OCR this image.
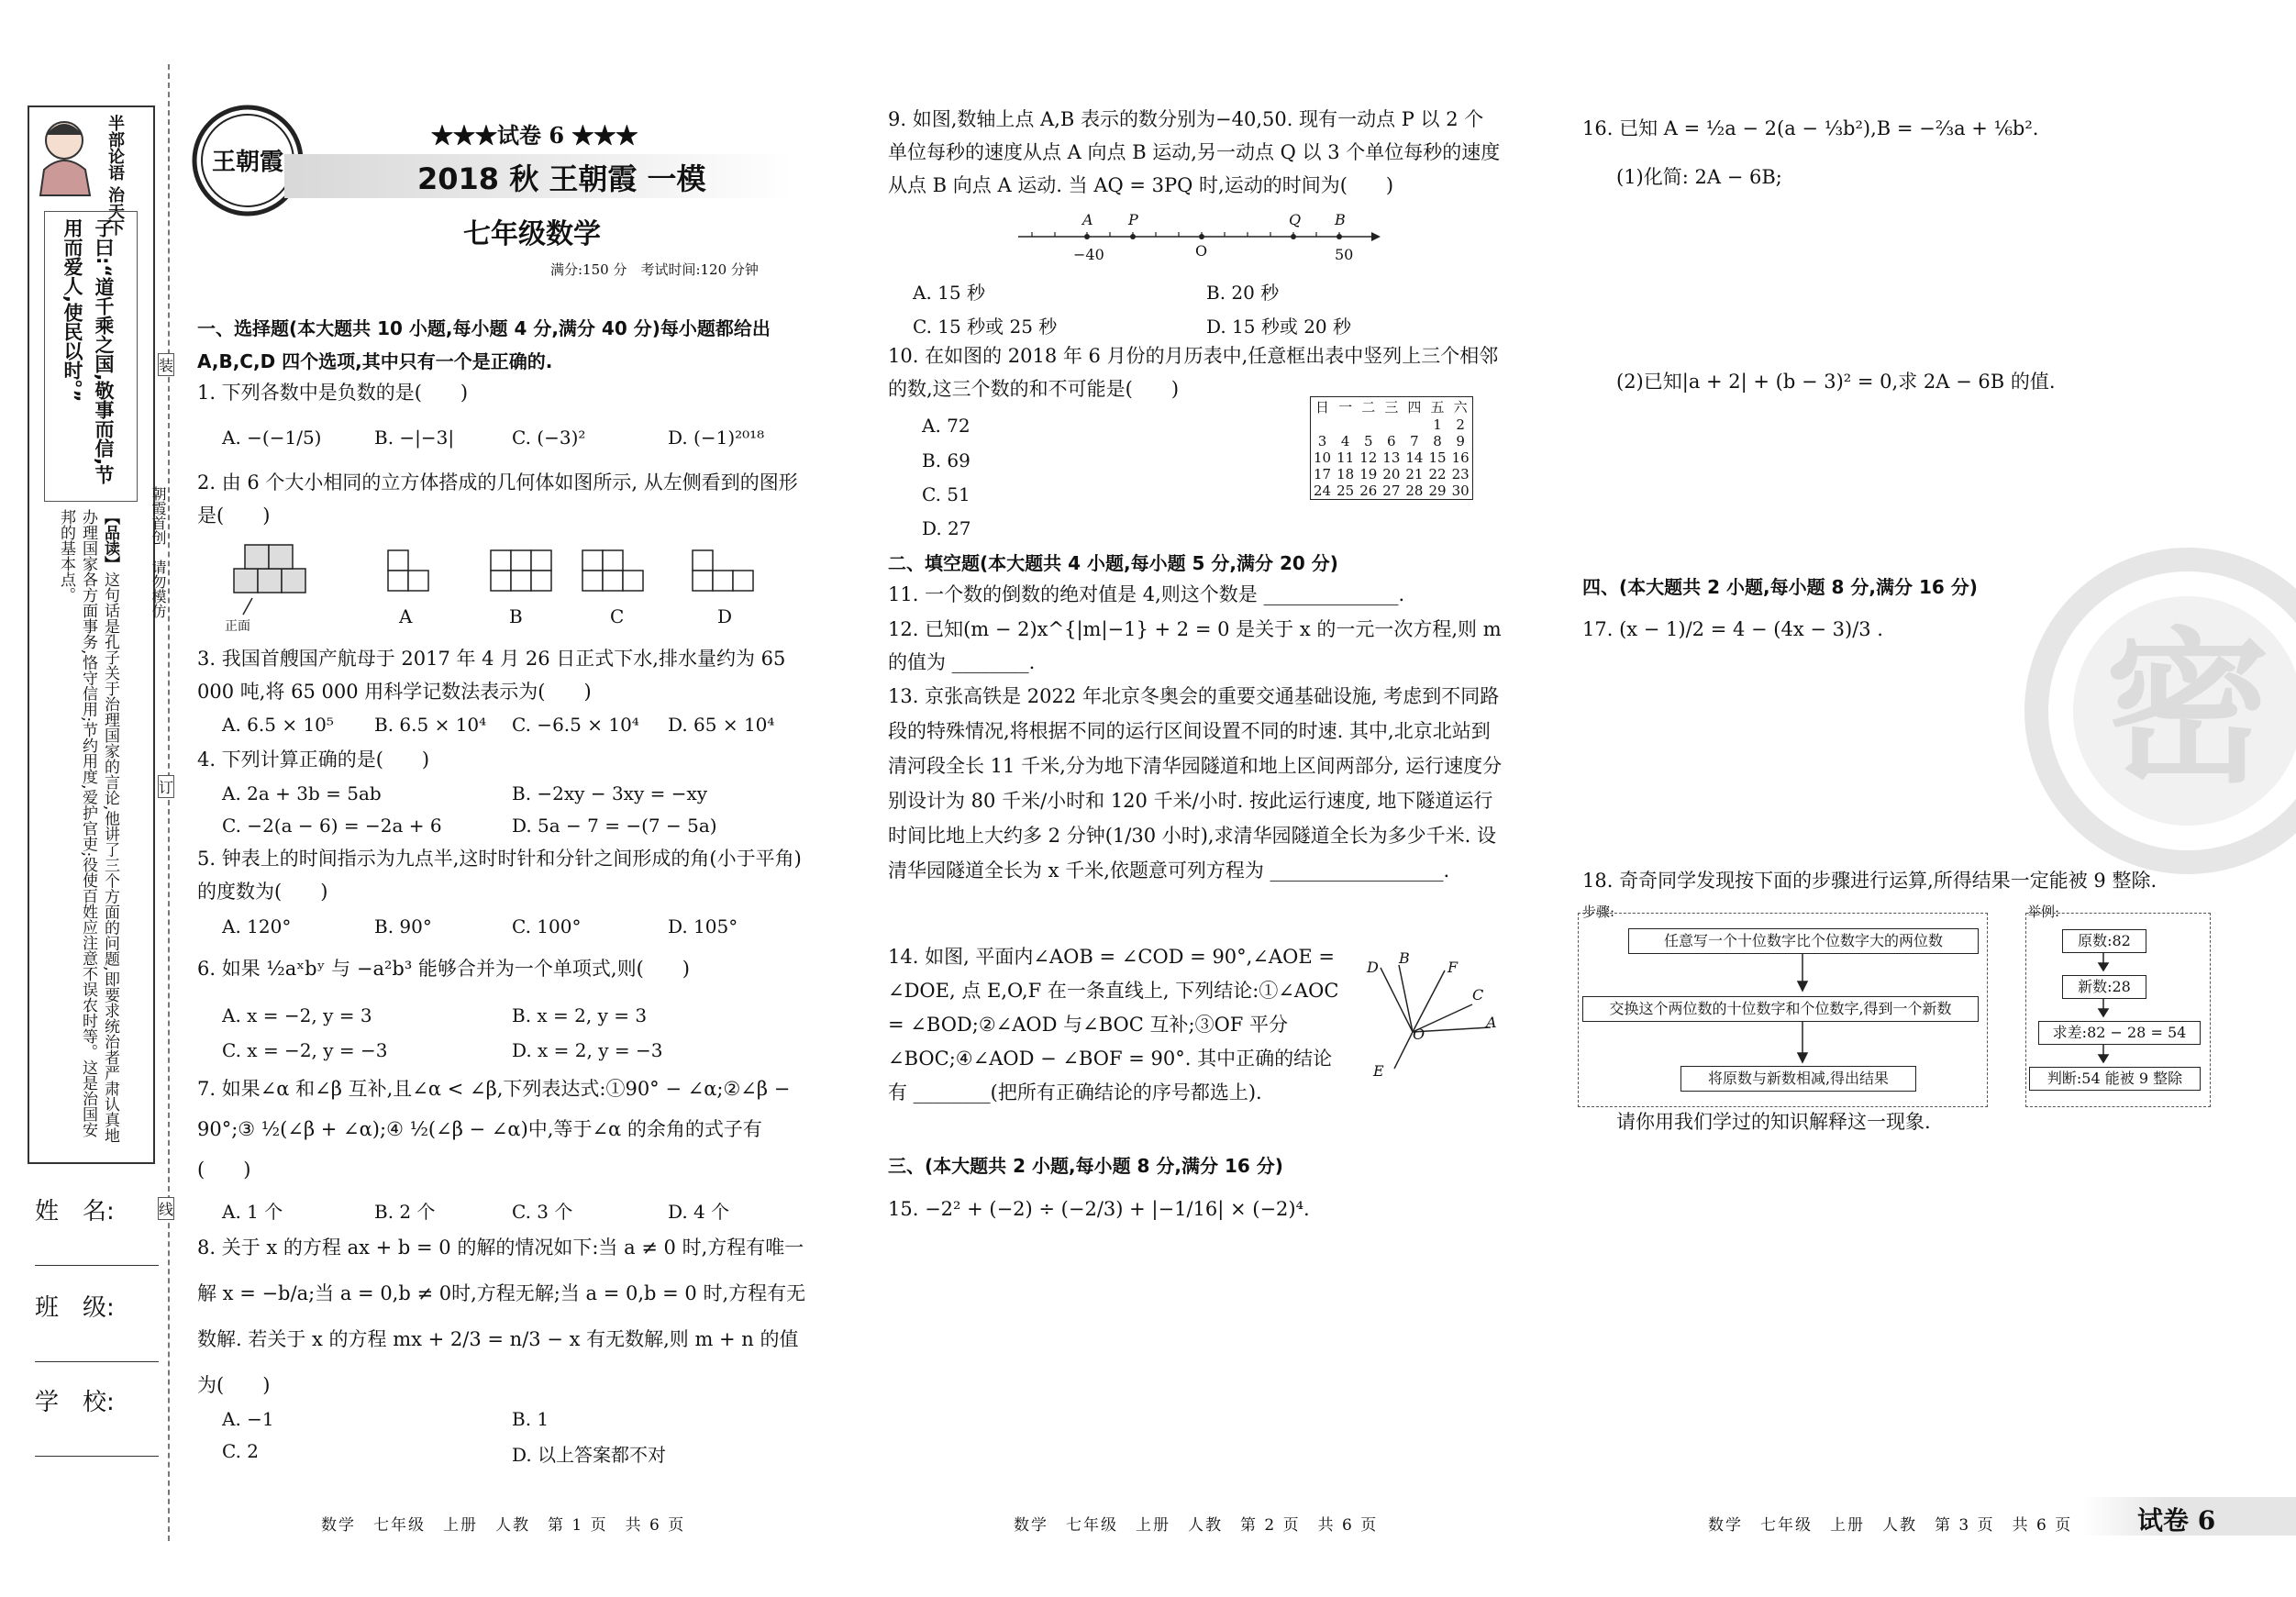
半部论语 治天下
子曰:“道千乘之国,敬事而信,节用而爱人,使民以时。”
【品读】这句话是孔子关于治理国家的言论,他讲了三个方面的问题,即要求统治者严肃认真地办理国家各方面事务,恪守信用;节约用度,爱护官吏;役使百姓应注意不误农时等。这是治国安邦的基本点。
姓　名:
班　级:
学　校:
装
订
线
朝霞首创　请勿模仿
王朝霞
★★★试卷 6 ★★★
2018 秋 王朝霞 一模
七年级数学
满分:150 分　考试时间:120 分钟
一、选择题(本大题共 10 小题,每小题 4 分,满分 40 分)每小题都给出 A,B,C,D 四个选项,其中只有一个是正确的.
1. 下列各数中是负数的是(　　)
A. −(−1/5)	B. −|−3|	C. (−3)²	D. (−1)²⁰¹⁸
2. 由 6 个大小相同的立方体搭成的几何体如图所示, 从左侧看到的图形是(　　)
正面	A	B	C	D
3. 我国首艘国产航母于 2017 年 4 月 26 日正式下水,排水量约为 65 000 吨,将 65 000 用科学记数法表示为(　　)
A. 6.5 × 10⁵ B. 6.5 × 10⁴ C. −6.5 × 10⁴ D. 65 × 10⁴
4. 下列计算正确的是(　　)
A. 2a + 3b = 5ab	B. −2xy − 3xy = −xy
C. −2(a − 6) = −2a + 6	D. 5a − 7 = −(7 − 5a)
5. 钟表上的时间指示为九点半,这时时针和分针之间形成的角(小于平角)的度数为(　　)
A. 120°	B. 90°	C. 100°	D. 105°
6. 如果 ½aˣbʸ 与 −a²b³ 能够合并为一个单项式,则(　　)
A. x = −2, y = 3	B. x = 2, y = 3
C. x = −2, y = −3	D. x = 2, y = −3
7. 如果∠α 和∠β 互补,且∠α < ∠β,下列表达式:①90° − ∠α;②∠β − 90°;③ ½(∠β + ∠α);④ ½(∠β − ∠α)中,等于∠α 的余角的式子有(　　)
A. 1 个	B. 2 个	C. 3 个	D. 4 个
8. 关于 x 的方程 ax + b = 0 的解的情况如下:当 a ≠ 0 时,方程有唯一解 x = −b/a;当 a = 0,b ≠ 0时,方程无解;当 a = 0,b = 0 时,方程有无数解. 若关于 x 的方程 mx + 2/3 = n/3 − x 有无数解,则 m + n 的值为(　　)
A. −1	B. 1
C. 2	D. 以上答案都不对
9. 如图,数轴上点 A,B 表示的数分别为−40,50. 现有一动点 P 以 2 个单位每秒的速度从点 A 向点 B 运动,另一动点 Q 以 3 个单位每秒的速度从点 B 向点 A 运动. 当 AQ = 3PQ 时,运动的时间为(　　)
A P
O
Q B
−40	50
A. 15 秒	B. 20 秒
C. 15 秒或 25 秒	D. 15 秒或 20 秒
10. 在如图的 2018 年 6 月份的月历表中,任意框出表中竖列上三个相邻的数,这三个数的和不可能是(　　)
A. 72
B. 69
C. 51
D. 27
日	一	二	三	四	五	六
					1	2
3	4	5	6	7	8	9
10	11	12	13	14	15	16
17	18	19	20	21	22	23
24	25	26	27	28	29	30
二、填空题(本大题共 4 小题,每小题 5 分,满分 20 分)
11. 一个数的倒数的绝对值是 4,则这个数是 ______________.
12. 已知(m − 2)x^{|m|−1} + 2 = 0 是关于 x 的一元一次方程,则 m 的值为 ________.
13. 京张高铁是 2022 年北京冬奥会的重要交通基础设施, 考虑到不同路段的特殊情况,将根据不同的运行区间设置不同的时速. 其中,北京北站到清河段全长 11 千米,分为地下清华园隧道和地上区间两部分, 运行速度分别设计为 80 千米/小时和 120 千米/小时. 按此运行速度, 地下隧道运行时间比地上大约多 2 分钟(1/30 小时),求清华园隧道全长为多少千米. 设清华园隧道全长为 x 千米,依题意可列方程为 __________________.
14. 如图, 平面内∠AOB = ∠COD = 90°,∠AOE = ∠DOE, 点 E,O,F 在一条直线上, 下列结论:①∠AOC = ∠BOD;②∠AOD 与∠BOC 互补;③OF 平分∠BOC;④∠AOD − ∠BOF = 90°. 其中正确的结论有 ________(把所有正确结论的序号都选上).
D
B
F
C
A
O
E
三、(本大题共 2 小题,每小题 8 分,满分 16 分)
15. −2² + (−2) ÷ (−2/3) + |−1/16| × (−2)⁴.
16. 已知 A = ½a − 2(a − ⅓b²),B = −⅔a + ⅙b².
(1)化简: 2A − 6B;
(2)已知|a + 2| + (b − 3)² = 0,求 2A − 6B 的值.
四、(本大题共 2 小题,每小题 8 分,满分 16 分)
17. (x − 1)/2 = 4 − (4x − 3)/3 . 密
18. 奇奇同学发现按下面的步骤进行运算,所得结果一定能被 9 整除.
步骤:	举例:
任意写一个十位数字比个位数字大的两位数
交换这个两位数的十位数字和个位数字,得到一个新数
将原数与新数相减,得出结果
原数:82
新数:28
求差:82 − 28 = 54
判断:54 能被 9 整除
请你用我们学过的知识解释这一现象.
数学　七年级　上册　人教　第 1 页　共 6 页	数学　七年级　上册　人教　第 2 页　共 6 页	数学　七年级　上册　人教　第 3 页　共 6 页	试卷 6
